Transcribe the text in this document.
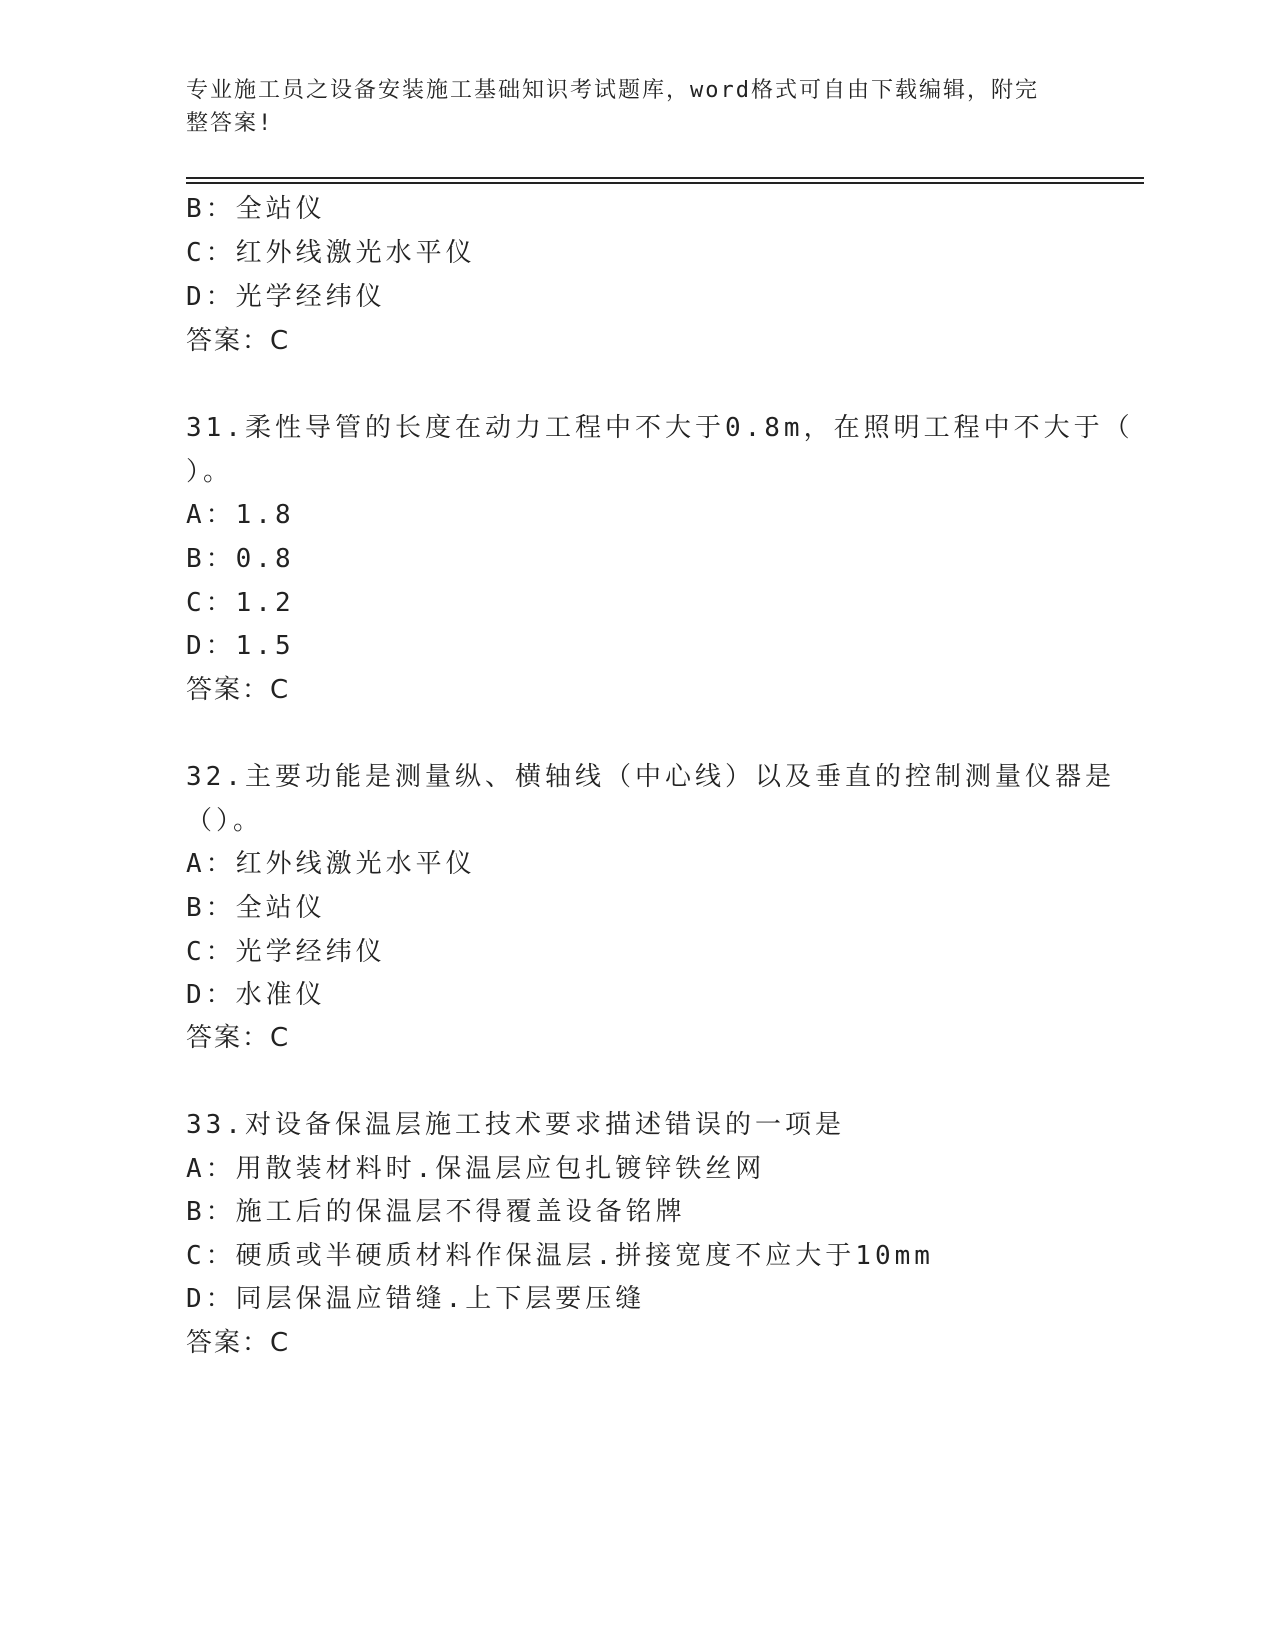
专业施工员之设备安装施工基础知识考试题库，word格式可自由下载编辑，附完
整答案!
B：全站仪
C：红外线激光水平仪
D：光学经纬仪
答案：C
31.柔性导管的长度在动力工程中不大于0.8m，在照明工程中不大于（
）。
A：1.8
B：0.8
C：1.2
D：1.5
答案：C
32.主要功能是测量纵、横轴线（中心线）以及垂直的控制测量仪器是
（）。
A：红外线激光水平仪
B：全站仪
C：光学经纬仪
D：水准仪
答案：C
33.对设备保温层施工技术要求描述错误的一项是
A：用散装材料时.保温层应包扎镀锌铁丝网
B：施工后的保温层不得覆盖设备铭牌
C：硬质或半硬质材料作保温层.拼接宽度不应大于10mm
D：同层保温应错缝.上下层要压缝
答案：C
